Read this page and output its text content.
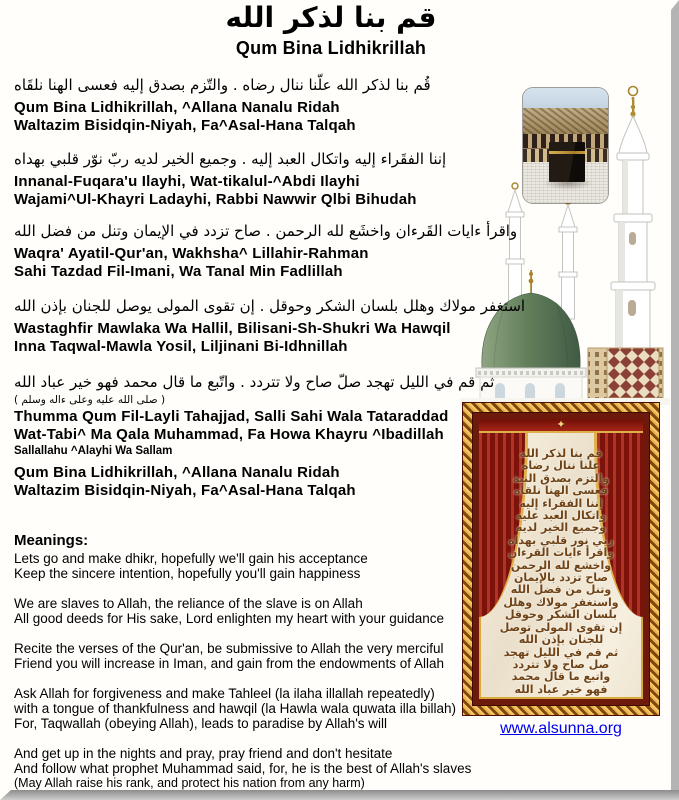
قم بنا لذكر الله
Qum Bina Lidhikrillah
قُم بنا لذكر الله علّنا ننال رضاه . والتّزم بصدق إليه فعسى الهنا نلقَاه
Qum Bina Lidhikrillah, ^Allana Nanalu Ridah
Waltazim Bisidqin-Niyah, Fa^Asal-Hana Talqah
إننا الفقَراء إليه واتكال العبد إليه . وجميع الخير لديه ربّ نوّر قلبي بهداه
Innanal-Fuqara'u Ilayhi, Wat-tikalul-^Abdi Ilayhi
Wajami^Ul-Khayri Ladayhi, Rabbi Nawwir Qlbi Bihudah
واقرأ ءايات القَرءان واخشَع لله الرحمن . صاح تزدد في الإيمان وتنل من فضل الله
Waqra' Ayatil-Qur'an, Wakhsha^ Lillahir-Rahman
Sahi Tazdad Fil-Imani, Wa Tanal Min Fadlillah
استغفر مولاك وهلل بلسان الشكر وحوقل . إن تقوى المولى يوصل للجنان بإذن الله
Wastaghfir Mawlaka Wa Hallil, Bilisani-Sh-Shukri Wa Hawqil
Inna Taqwal-Mawla Yosil, Liljinani Bi-Idhnillah
ثم قم في الليل تهجد صلّ صاح ولا تتردد . واتّبع ما قال محمد فهو خير عباد الله
( صلى الله عليه وعلى ءاله وسلم )
Thumma Qum Fil-Layli Tahajjad, Salli Sahi Wala Tataraddad
Wat-Tabi^ Ma Qala Muhammad, Fa Howa Khayru ^Ibadillah
Sallallahu ^Alayhi Wa Sallam
Qum Bina Lidhikrillah, ^Allana Nanalu Ridah
Waltazim Bisidqin-Niyah, Fa^Asal-Hana Talqah
Meanings:
Lets go and make dhikr, hopefully we'll gain his acceptance
Keep the sincere intention, hopefully you'll gain happiness
We are slaves to Allah, the reliance of the slave is on Allah
All good deeds for His sake, Lord enlighten my heart with your guidance
Recite the verses of the Qur'an, be submissive to Allah the very merciful
Friend you will increase in Iman, and gain from the endowments of Allah
Ask Allah for forgiveness and make Tahleel (la ilaha illallah repeatedly)
with a tongue of thankfulness and hawqil (la Hawla wala quwata illa billah)
For, Taqwallah (obeying Allah), leads to paradise by Allah's will
And get up in the nights and pray, pray friend and don't hesitate
And follow what prophet Muhammad said, for, he is the best of Allah's slaves
(May Allah raise his rank, and protect his nation from any harm)
✦
قم بنا لذكر الله
علنا ننال رضاه
والتزم بصدق النية
فعسى الهنا نلقاه
إننا الفقراء إليه
واتكال العبد عليه
وجميع الخير لديه
ربي نور قلبي بهداه
واقرأ ءايات القرءان
واخشع لله الرحمن
صاح تزدد بالإيمان
وتنل من فضل الله
واستغفر مولاك وهلل
بلسان الشكر وحوقل
إن تقوى المولى توصل
للجنان بإذن الله
ثم قم في الليل تهجد
صل صاح ولا تتردد
واتبع ما قال محمد
فهو خير عباد الله
www.alsunna.org
